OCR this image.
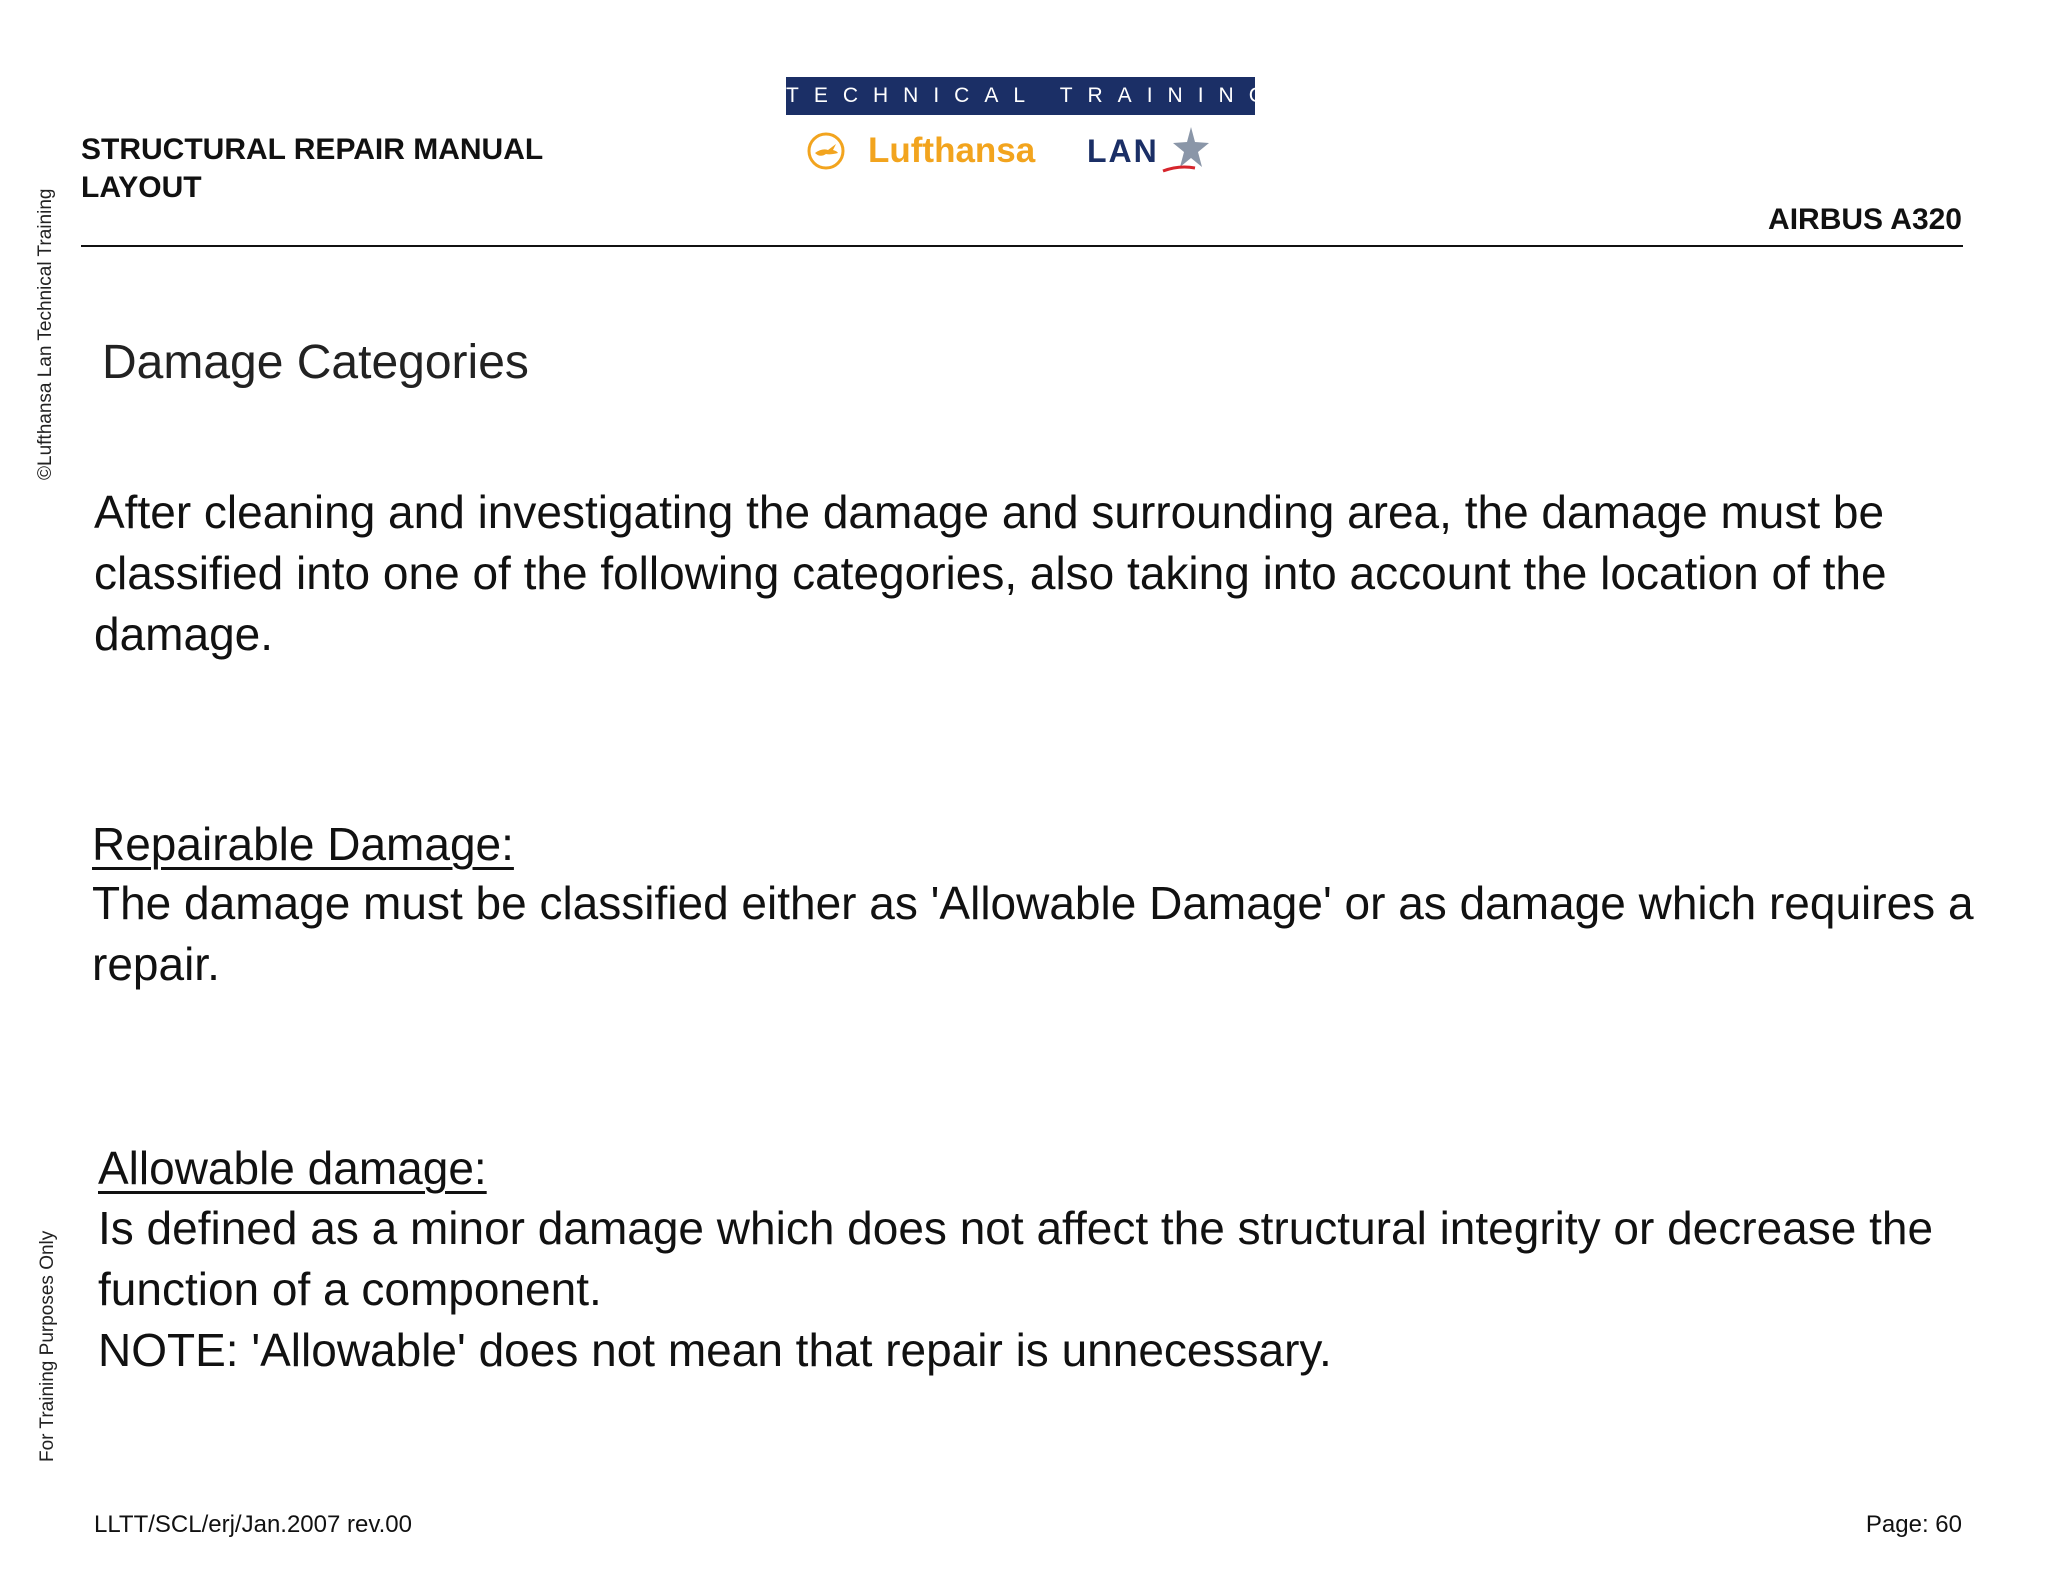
©Lufthansa Lan Technical Training
For Training Purposes Only
STRUCTURAL REPAIR MANUAL
LAYOUT
TECHNICAL TRAINING
Lufthansa LAN
AIRBUS A320
Damage Categories
After cleaning and investigating the damage and surrounding area, the damage must be classified into one of the following categories, also taking into account the location of the damage.
Repairable Damage:
The damage must be classified either as 'Allowable Damage' or as damage which requires a repair.
Allowable damage:
Is defined as a minor damage which does not affect the structural integrity or decrease the function of a component.
NOTE: 'Allowable' does not mean that repair is unnecessary.
LLTT/SCL/erj/Jan.2007 rev.00	Page: 60
